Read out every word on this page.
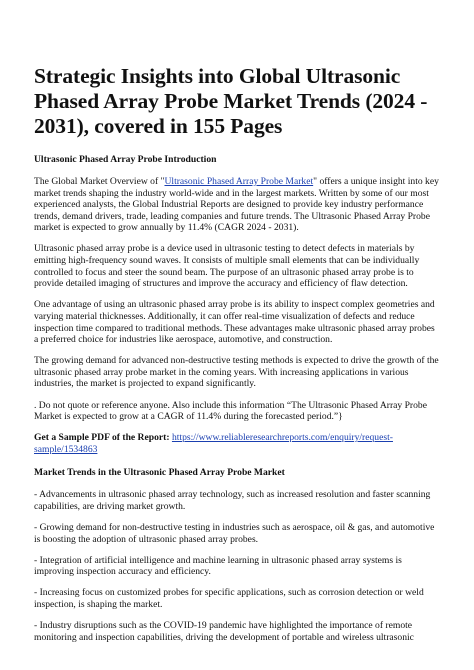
Strategic Insights into Global Ultrasonic Phased Array Probe Market Trends (2024 - 2031), covered in 155 Pages
Ultrasonic Phased Array Probe Introduction

The Global Market Overview of "Ultrasonic Phased Array Probe Market" offers a unique insight into key market trends shaping the industry world-wide and in the largest markets. Written by some of our most experienced analysts, the Global Industrial Reports are designed to provide key industry performance trends, demand drivers, trade, leading companies and future trends. The Ultrasonic Phased Array Probe market is expected to grow annually by 11.4% (CAGR 2024 - 2031).

Ultrasonic phased array probe is a device used in ultrasonic testing to detect defects in materials by emitting high-frequency sound waves. It consists of multiple small elements that can be individually controlled to focus and steer the sound beam. The purpose of an ultrasonic phased array probe is to provide detailed imaging of structures and improve the accuracy and efficiency of flaw detection.

One advantage of using an ultrasonic phased array probe is its ability to inspect complex geometries and varying material thicknesses. Additionally, it can offer real-time visualization of defects and reduce inspection time compared to traditional methods. These advantages make ultrasonic phased array probes a preferred choice for industries like aerospace, automotive, and construction.

The growing demand for advanced non-destructive testing methods is expected to drive the growth of the ultrasonic phased array probe market in the coming years. With increasing applications in various industries, the market is projected to expand significantly.

. Do not quote or reference anyone. Also include this information “The Ultrasonic Phased Array Probe Market is expected to grow at a CAGR of 11.4% during the forecasted period.”}

Get a Sample PDF of the Report: https://www.reliableresearchreports.com/enquiry/request-sample/1534863

Market Trends in the Ultrasonic Phased Array Probe Market

- Advancements in ultrasonic phased array technology, such as increased resolution and faster scanning capabilities, are driving market growth.

- Growing demand for non-destructive testing in industries such as aerospace, oil & gas, and automotive is boosting the adoption of ultrasonic phased array probes.

- Integration of artificial intelligence and machine learning in ultrasonic phased array systems is improving inspection accuracy and efficiency.

- Increasing focus on customized probes for specific applications, such as corrosion detection or weld inspection, is shaping the market.

- Industry disruptions such as the COVID-19 pandemic have highlighted the importance of remote monitoring and inspection capabilities, driving the development of portable and wireless ultrasonic
